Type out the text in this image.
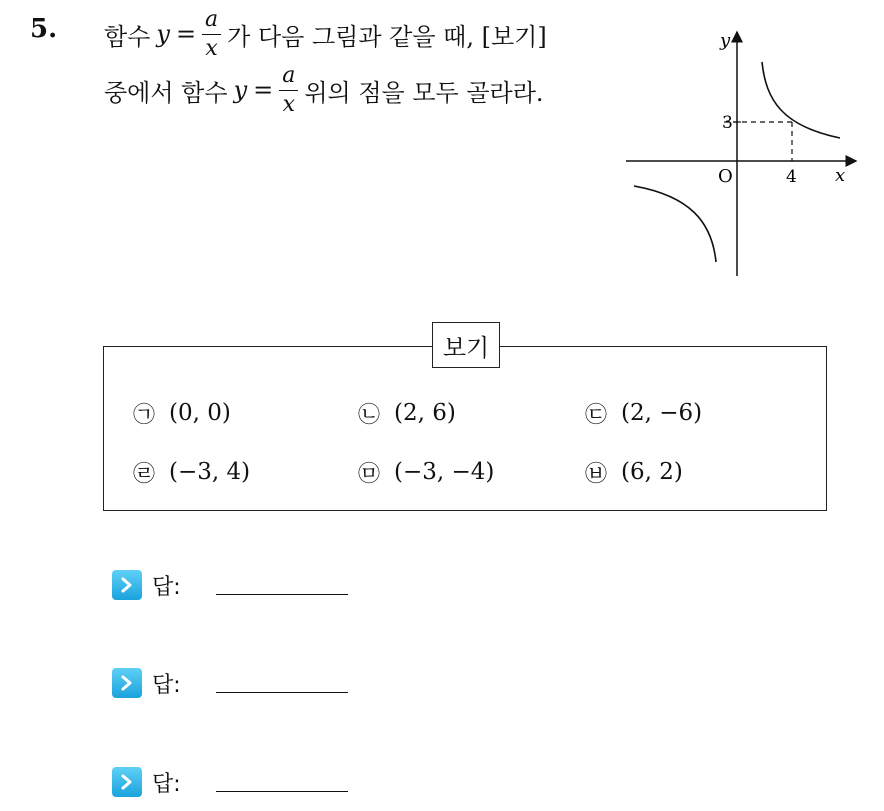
5. 함수 $y = \frac{a}{x}$ 가 다음 그림과 같을 때, [보기]
중에서 함수 $y = \frac{a}{x}$ 위의 점을 모두 골라라.
y
x
O
3
4
보기
㉠ (0, 0)	㉡ (2, 6)	㉢ (2, −6)
㉣ (−3, 4)	㉤ (−3, −4)	㉥ (6, 2)
답:
답:
답:
